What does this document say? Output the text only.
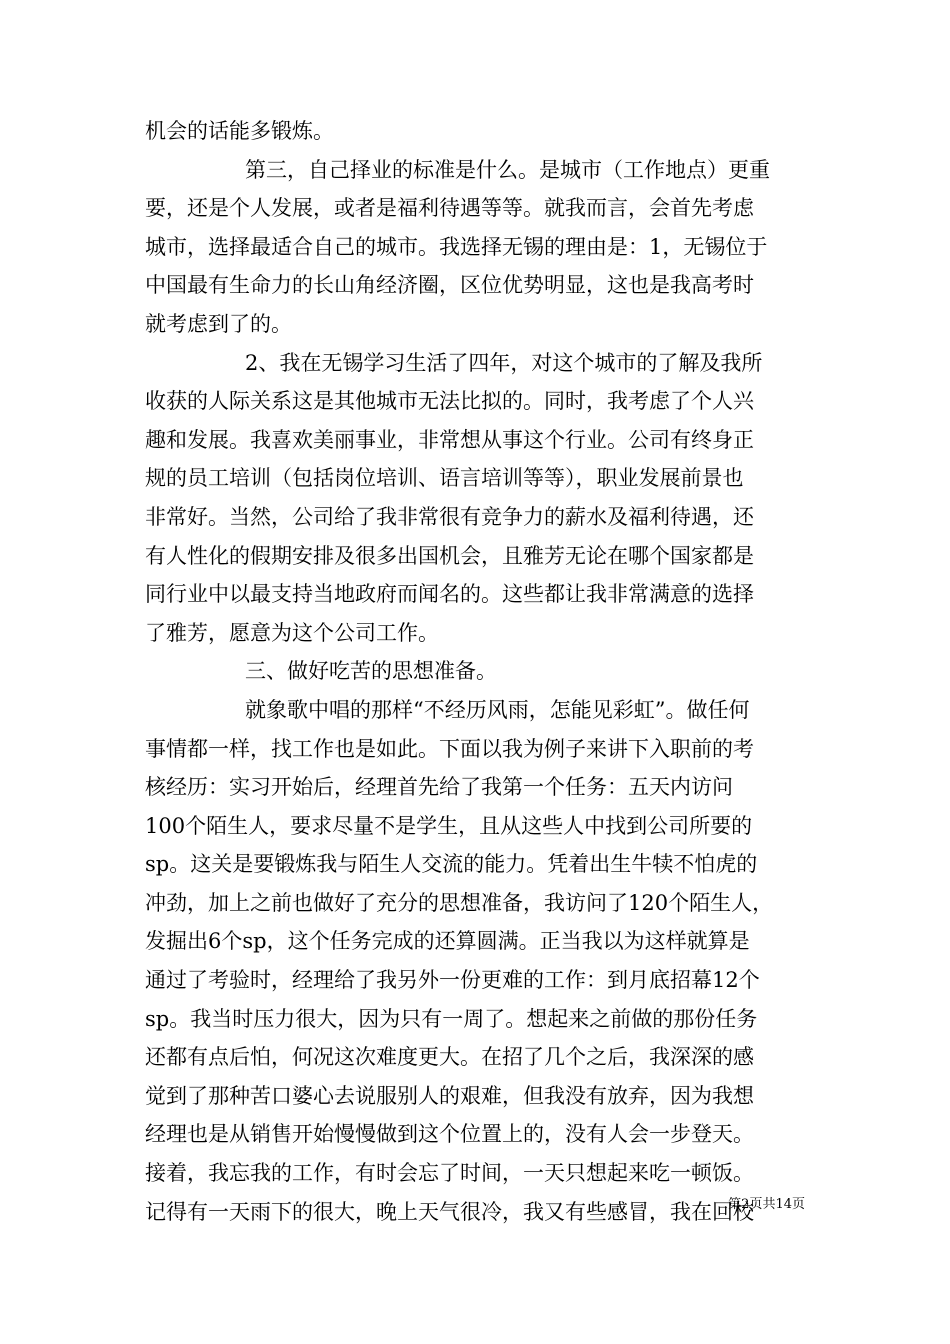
机会的话能多锻炼。
第三，自己择业的标准是什么。是城市（工作地点）更重
要，还是个人发展，或者是福利待遇等等。就我而言，会首先考虑
城市，选择最适合自己的城市。我选择无锡的理由是：1，无锡位于
中国最有生命力的长山角经济圈，区位优势明显，这也是我高考时
就考虑到了的。
2、我在无锡学习生活了四年，对这个城市的了解及我所
收获的人际关系这是其他城市无法比拟的。同时，我考虑了个人兴
趣和发展。我喜欢美丽事业，非常想从事这个行业。公司有终身正
规的员工培训（包括岗位培训、语言培训等等），职业发展前景也
非常好。当然，公司给了我非常很有竞争力的薪水及福利待遇，还
有人性化的假期安排及很多出国机会，且雅芳无论在哪个国家都是
同行业中以最支持当地政府而闻名的。这些都让我非常满意的选择
了雅芳，愿意为这个公司工作。
三、做好吃苦的思想准备。
就象歌中唱的那样“不经历风雨，怎能见彩虹”。做任何
事情都一样，找工作也是如此。下面以我为例子来讲下入职前的考
核经历：实习开始后，经理首先给了我第一个任务：五天内访问
100个陌生人，要求尽量不是学生，且从这些人中找到公司所要的
sp。这关是要锻炼我与陌生人交流的能力。凭着出生牛犊不怕虎的
冲劲，加上之前也做好了充分的思想准备，我访问了120个陌生人，
发掘出6个sp，这个任务完成的还算圆满。正当我以为这样就算是
通过了考验时，经理给了我另外一份更难的工作：到月底招幕12个
sp。我当时压力很大，因为只有一周了。想起来之前做的那份任务
还都有点后怕，何况这次难度更大。在招了几个之后，我深深的感
觉到了那种苦口婆心去说服别人的艰难，但我没有放弃，因为我想
经理也是从销售开始慢慢做到这个位置上的，没有人会一步登天。
接着，我忘我的工作，有时会忘了时间，一天只想起来吃一顿饭。
记得有一天雨下的很大，晚上天气很冷，我又有些感冒，我在回校
第2页共14页
